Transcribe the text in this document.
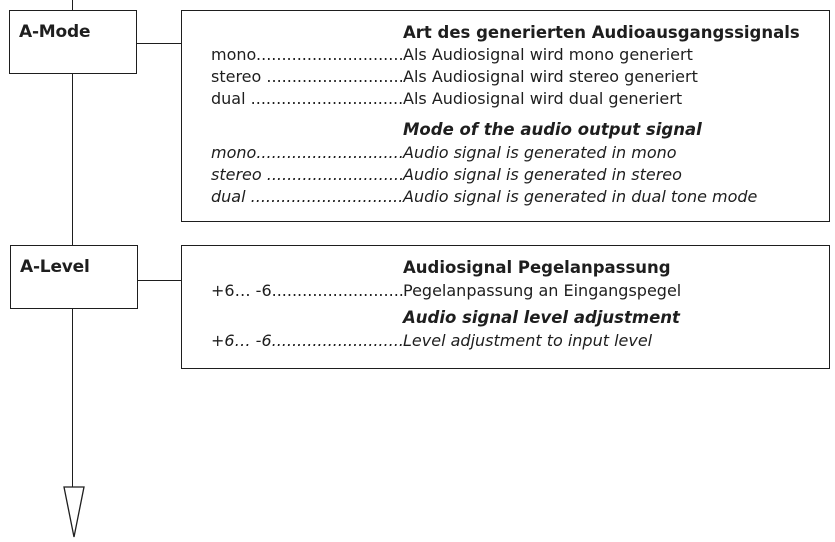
A-Mode	Art des generierten Audioausgangssignals
mono .....	Als Audiosignal wird mono generiert
stereo .....	Als Audiosignal wird stereo generiert
dual .....	Als Audiosignal wird dual generiert
Mode of the audio output signal
mono .....	Audio signal is generated in mono
stereo .....	Audio signal is generated in stereo
dual .....	Audio signal is generated in dual tone mode
A-Level	Audiosignal Pegelanpassung
+6… -6 .....	Pegelanpassung an Eingangspegel
Audio signal level adjustment
+6… -6 .....	Level adjustment to input level
